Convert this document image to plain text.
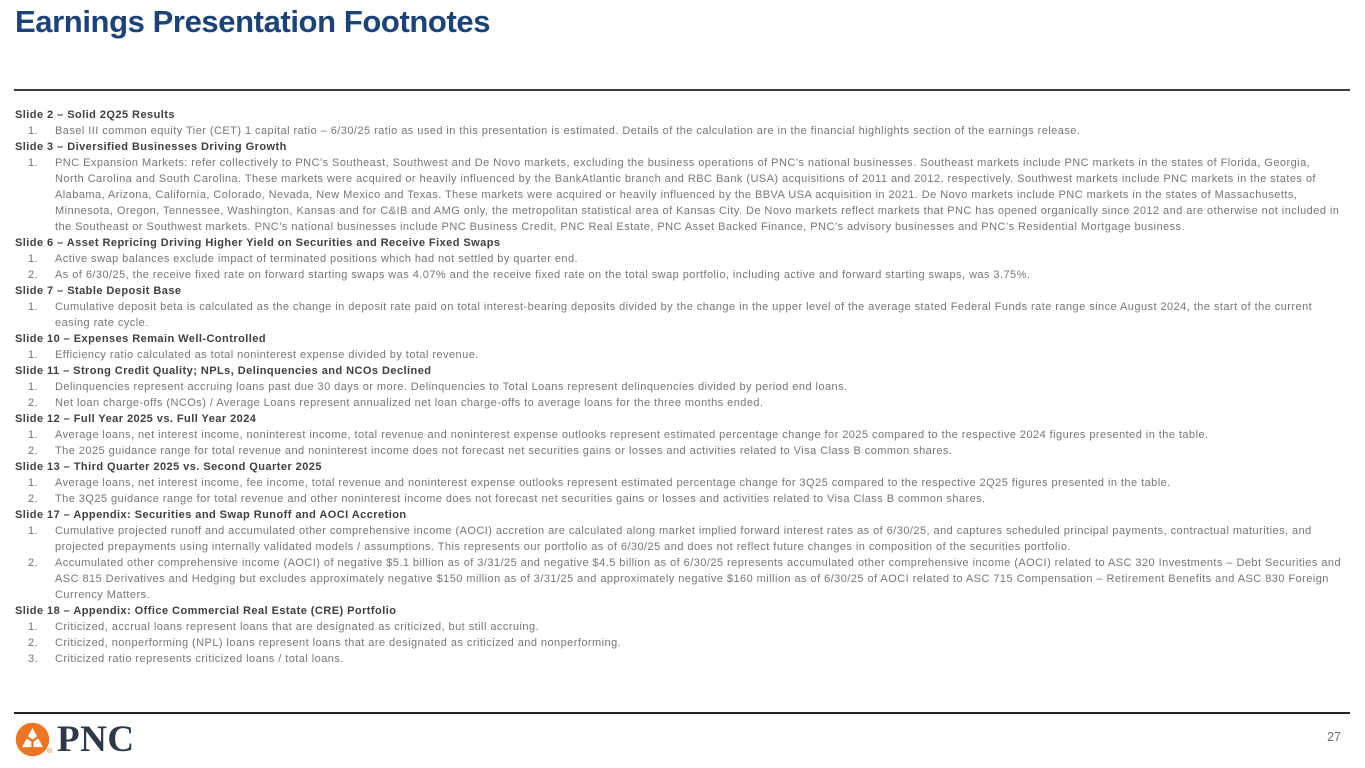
Earnings Presentation Footnotes
Slide 2 – Solid 2Q25 Results
1.	Basel III common equity Tier (CET) 1 capital ratio – 6/30/25 ratio as used in this presentation is estimated. Details of the calculation are in the financial highlights section of the earnings release.
Slide 3 – Diversified Businesses Driving Growth
1.	PNC Expansion Markets: refer collectively to PNC’s Southeast, Southwest and De Novo markets, excluding the business operations of PNC’s national businesses. Southeast markets include PNC markets in the states of Florida, Georgia, North Carolina and South Carolina. These markets were acquired or heavily influenced by the BankAtlantic branch and RBC Bank (USA) acquisitions of 2011 and 2012, respectively. Southwest markets include PNC markets in the states of Alabama, Arizona, California, Colorado, Nevada, New Mexico and Texas. These markets were acquired or heavily influenced by the BBVA USA acquisition in 2021. De Novo markets include PNC markets in the states of Massachusetts, Minnesota, Oregon, Tennessee, Washington, Kansas and for C&IB and AMG only, the metropolitan statistical area of Kansas City. De Novo markets reflect markets that PNC has opened organically since 2012 and are otherwise not included in the Southeast or Southwest markets. PNC’s national businesses include PNC Business Credit, PNC Real Estate, PNC Asset Backed Finance, PNC’s advisory businesses and PNC’s Residential Mortgage business.
Slide 6 – Asset Repricing Driving Higher Yield on Securities and Receive Fixed Swaps
1.	Active swap balances exclude impact of terminated positions which had not settled by quarter end.
2.	As of 6/30/25, the receive fixed rate on forward starting swaps was 4.07% and the receive fixed rate on the total swap portfolio, including active and forward starting swaps, was 3.75%.
Slide 7 – Stable Deposit Base
1.	Cumulative deposit beta is calculated as the change in deposit rate paid on total interest-bearing deposits divided by the change in the upper level of the average stated Federal Funds rate range since August 2024, the start of the current easing rate cycle.
Slide 10 – Expenses Remain Well-Controlled
1.	Efficiency ratio calculated as total noninterest expense divided by total revenue.
Slide 11 – Strong Credit Quality; NPLs, Delinquencies and NCOs Declined
1.	Delinquencies represent accruing loans past due 30 days or more. Delinquencies to Total Loans represent delinquencies divided by period end loans.
2.	Net loan charge-offs (NCOs) / Average Loans represent annualized net loan charge-offs to average loans for the three months ended.
Slide 12 – Full Year 2025 vs. Full Year 2024
1.	Average loans, net interest income, noninterest income, total revenue and noninterest expense outlooks represent estimated percentage change for 2025 compared to the respective 2024 figures presented in the table.
2.	The 2025 guidance range for total revenue and noninterest income does not forecast net securities gains or losses and activities related to Visa Class B common shares.
Slide 13 – Third Quarter 2025 vs. Second Quarter 2025
1.	Average loans, net interest income, fee income, total revenue and noninterest expense outlooks represent estimated percentage change for 3Q25 compared to the respective 2Q25 figures presented in the table.
2.	The 3Q25 guidance range for total revenue and other noninterest income does not forecast net securities gains or losses and activities related to Visa Class B common shares.
Slide 17 – Appendix: Securities and Swap Runoff and AOCI Accretion
1.	Cumulative projected runoff and accumulated other comprehensive income (AOCI) accretion are calculated along market implied forward interest rates as of 6/30/25, and captures scheduled principal payments, contractual maturities, and projected prepayments using internally validated models / assumptions. This represents our portfolio as of 6/30/25 and does not reflect future changes in composition of the securities portfolio.
2.	Accumulated other comprehensive income (AOCI) of negative $5.1 billion as of 3/31/25 and negative $4.5 billion as of 6/30/25 represents accumulated other comprehensive income (AOCI) related to ASC 320 Investments – Debt Securities and ASC 815 Derivatives and Hedging but excludes approximately negative $150 million as of 3/31/25 and approximately negative $160 million as of 6/30/25 of AOCI related to ASC 715 Compensation – Retirement Benefits and ASC 830 Foreign Currency Matters.
Slide 18 – Appendix: Office Commercial Real Estate (CRE) Portfolio
1.	Criticized, accrual loans represent loans that are designated as criticized, but still accruing.
2.	Criticized, nonperforming (NPL) loans represent loans that are designated as criticized and nonperforming.
3.	Criticized ratio represents criticized loans / total loans.
PNC
®
27
